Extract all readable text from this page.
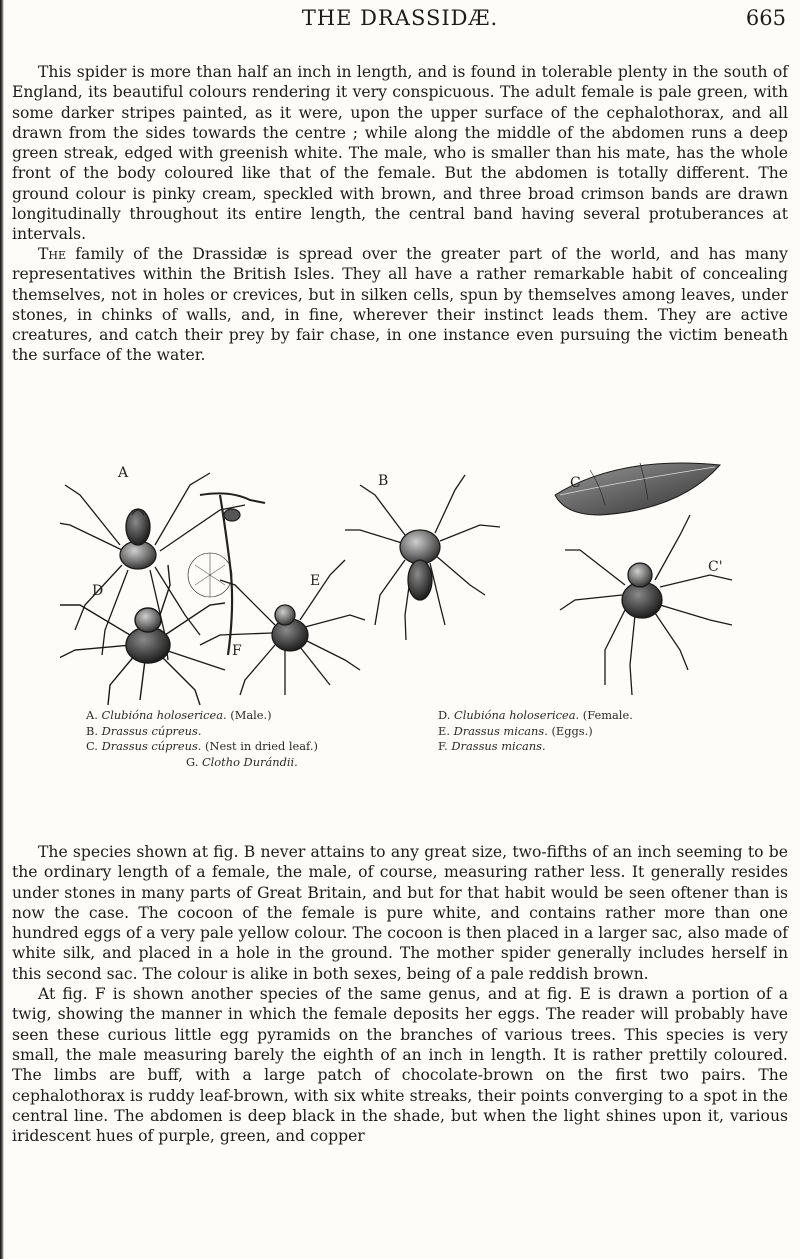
THE DRASSIDÆ.	665

This spider is more than half an inch in length, and is found in tolerable plenty in the south of England, its beautiful colours rendering it very conspicuous. The adult female is pale green, with some darker stripes painted, as it were, upon the upper surface of the cephalothorax, and all drawn from the sides towards the centre ; while along the middle of the abdomen runs a deep green streak, edged with greenish white. The male, who is smaller than his mate, has the whole front of the body coloured like that of the female. But the abdomen is totally different. The ground colour is pinky cream, speckled with brown, and three broad crimson bands are drawn longitudinally throughout its entire length, the central band having several protuberances at intervals.

The family of the Drassidæ is spread over the greater part of the world, and has many representatives within the British Isles. They all have a rather remarkable habit of concealing themselves, not in holes or crevices, but in silken cells, spun by themselves among leaves, under stones, in chinks of walls, and, in fine, wherever their instinct leads them. They are active creatures, and catch their prey by fair chase, in one instance even pursuing the victim beneath the surface of the water.

A	B	C
C'
D
E
F
A. Clubióna holosericea. (Male.)	D. Clubióna holosericea. (Female.
B. Drassus cúpreus.	E. Drassus micans. (Eggs.)
C. Drassus cúpreus. (Nest in dried leaf.)	F. Drassus micans.
G. Clotho Durándii.

The species shown at fig. B never attains to any great size, two-fifths of an inch seeming to be the ordinary length of a female, the male, of course, measuring rather less. It generally resides under stones in many parts of Great Britain, and but for that habit would be seen oftener than is now the case. The cocoon of the female is pure white, and contains rather more than one hundred eggs of a very pale yellow colour. The cocoon is then placed in a larger sac, also made of white silk, and placed in a hole in the ground. The mother spider generally includes herself in this second sac. The colour is alike in both sexes, being of a pale reddish brown.

At fig. F is shown another species of the same genus, and at fig. E is drawn a portion of a twig, showing the manner in which the female deposits her eggs. The reader will probably have seen these curious little egg pyramids on the branches of various trees. This species is very small, the male measuring barely the eighth of an inch in length. It is rather prettily coloured. The limbs are buff, with a large patch of chocolate-brown on the first two pairs. The cephalothorax is ruddy leaf-brown, with six white streaks, their points converging to a spot in the central line. The abdomen is deep black in the shade, but when the light shines upon it, various iridescent hues of purple, green, and copper
